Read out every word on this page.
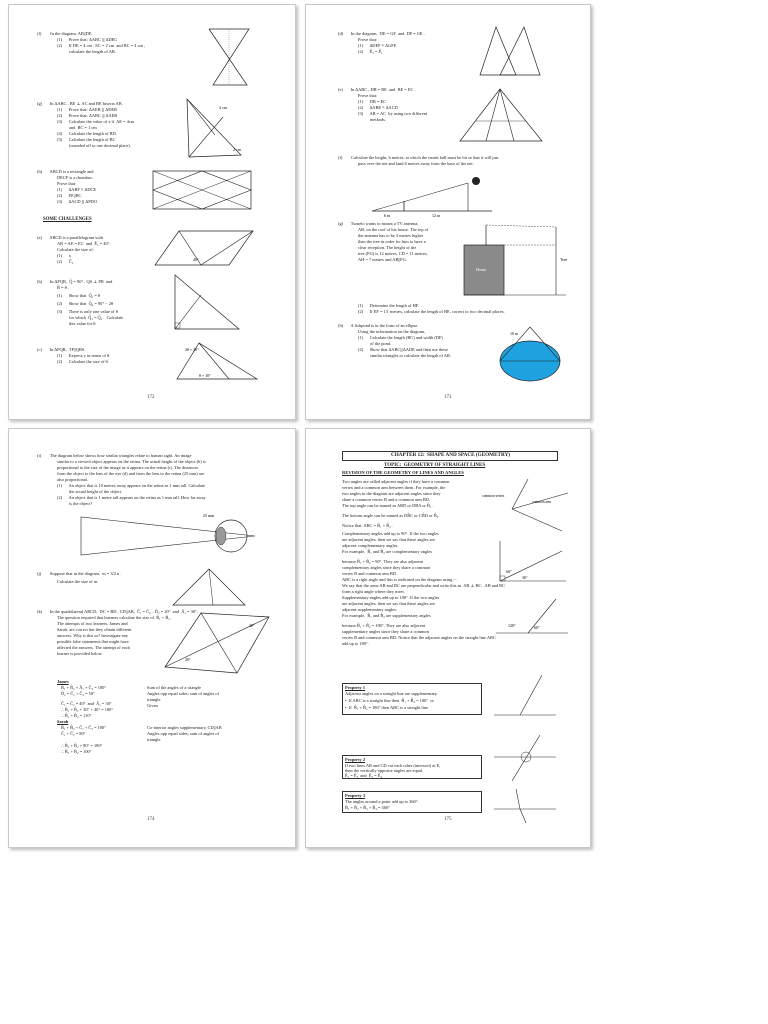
(f)        In the diagram, AB||DE.
(1)      Prove that: ΔABC ||| ΔDEC
(2)      If DE = 4 cm , EC = 2 cm  and BC = 4 cm ,
calculate the length of AB.
(g)       In ΔABC , BE ⊥ AC and BE bisects AB.
(1)      Prove that: ΔAEB ||| ΔDEB
(2)      Prove that: ΔABC ||| ΔAEB
(3)      Calculate the value of x if  AE = 4cm
and  BC = 1 cm
(4)      Calculate the length of BD.
(5)      Calculate the length of BC
(rounded off to one decimal place).
(h)       ABCD is a rectangle and
DECF is a rhombus.
Prove that:
(1)      ΔABF ≡ ΔDCE
(2)      FE||BC
(3)      ΔACD ||| ΔPDO
(a)       ABCD is a parallelogram with
AB = AE = EC  and  Ê₁ = 40°.
Calculate the size of:
(1)      x
(2)      Ĉ₂
(b)       In ΔPQR,  Q̂ = 90° , QS ⊥ PR  and
R̂ = θ .
(1)      Show that  Q̂₁ = θ
(2)      Show that  Q̂₂ = 90° − 2θ
(3)      There is only one value of θ
for which  Q̂₁ = Q̂₂ .  Calculate
this value for θ.
(c)       In ΔPQR,  TP||QRS.
(1)      Express y in terms of θ.
(2)      Calculate the size of θ.
SOME CHALLENGES
4 cm
2 cm
40°
2θ + 40°
θ + 10°
172
(d)       In the diagram,  DE = GF  and  DF = GE .
Prove that:
(1)      ΔDEF ≡ ΔGFE
(2)      Ê₁ = F̂₁
(e)       In ΔABC , DB = BE  and  BE = EC .
Prove that:
(1)      DB = EC
(2)      ΔABE ≡ ΔACD
(3)      AB = AC  by using two different
methods.
(f)        Calculate the height, h metres, at which the tennis ball must be hit so that it will just
pass over the net and land 6 metres away from the base of the net.
(g)       Tsonelo wants to mount a TV antenna,
AB, on the roof of his house. The top of
the antenna has to be 3 metres higher
than the tree in order for him to have a
clear reception. The height of the
tree (FG) is 12 metres, CD = 11 metres,
AH = 7 metres and AB||FG.
(1)      Determine the length of HF.
(2)      If EF = 13  metres, calculate the length of HE, correct to two decimal places.
(h)       A fishpond is in the form of an ellipse.
Using the information on the diagram,
(1)      Calculate the length (BC) and width (DF)
of the pond.
(2)      Show that ΔABC|||ΔADE and then use these
similar triangles to calculate the length of AB.
6 m	12 m
House
Tree
10 m
173
(i)        The diagram below shows how similar triangles relate to human sight. An image
similar to a viewed object appears on the retina. The actual height of the object (h) is
proportional to the size of the image as it appears on the retina (r). The distances
from the object to the lens of the eye (d) and from the lens to the retina (25 mm) are
also proportional.
(1)      An object that is 10 metres away appears on the retina as 1 mm tall. Calculate
the actual height of the object.
(2)      An object that is 1 metre tall appears on the retina as 1 mm tall. How far away
is the object?
(j)        Suppose that in the diagram,  m = 3/2 n .
Calculate the size of m.
(k)       In the quadrilateral ABCD,  DC = BD , CD||AB,  Ĉ₁ = Ĉ₂ ,  D̂₂ = 20°  and  Â₁ = 30°.
The question required that learners calculate the size of  B̂₁ + B̂₂ .
The attempts of two learners, James and
Sarah, are correct but they obtain different
answers. Why is this so? Investigate any
possible false statements that might have
affected the answers. The attempt of each
learner is provided below.
B̂₁ + B̂₂ + Â₁ + Ĉ₂ = 180°
D̂₂ = Ĉ₁ + Ĉ₂ = 50°
Ĉ₁ = Ĉ₂ = 40°  and  Â₁ = 30°
∴ B̂₁ + B̂₂ + 30° + 40° = 180°
∴ B̂₁ + B̂₂ = 110°
B̂₁ + B̂₂ + Ĉ₁ + Ĉ₂ = 180°
Ĉ₁ + Ĉ₂ = 80°
∴ B̂₁ + B̂₂ + 80° = 180°
∴ B̂₁ + B̂₂ = 100°
Sum of the angles of a triangle
Angles opp equal sides; sum of angles of
triangle
Given
Co-interior angles supplementary, CD||AB
Angles opp equal sides; sum of angles of
triangle
25 mm
20°
30°
James
Sarah
174
CHAPTER 12:  SHAPE AND SPACE (GEOMETRY)
TOPIC:  GEOMETRY OF STRAIGHT LINES
REVISION OF THE GEOMETRY OF LINES AND ANGLES
Two angles are called adjacent angles if they have a common
vertex and a common arm between them. For example, the
two angles in the diagram are adjacent angles since they
share a common vertex B and a common arm BD.
The top angle can be named as ABD or DBA or B̂₁ .
The bottom angle can be named as DB̂C or CB̂D or B̂₂ .
Notice that: ABC = B̂₁ + B̂₂ .
Complementary angles add up to 90°. If the two angles
are adjacent angles, then we say that these angles are
adjacent complementary angles.
For example,  B̂₁ and B̂₂ are complementary angles
because B̂₁ + B̂₂ = 90°. They are also adjacent
complementary angles since they share a common
vertex B and common arm BD.
ABC is a right angle and this is indicated on the diagram using ⌐.
We say that the arms AB and BC are perpendicular and write this as  AB ⊥ BC . AB and BC
form a right angle where they meet.
Supplementary angles add up to 180°. If the two angles
are adjacent angles, then we say that these angles are
adjacent supplementary angles.
For example,  B̂₁ and B̂₂ are supplementary angles
because B̂₁ + B̂₂ = 180°. They are also adjacent
supplementary angles since they share a common
vertex B and common arm BD. Notice that the adjacent angles on the straight line ABC
add up to 180°.
common vertex
common arm
60°
30°
120°	60°
Property 1
Adjacent angles on a straight line are supplementary.
•  If ABC is a straight line then  B̂₁ + B̂₂ = 180°  or
•  If  B̂₁ + B̂₂ = 180° then ABC is a straight line
Property 2
If two lines AB and CD cut each other (intersect) at E,
then the vertically opposite angles are equal.
Ê₁ = Ê₃  and  Ê₂ = Ê₄
Property 3
The angles around a point add up to 360°.
B̂₁ + B̂₂ + B̂₃ + B̂₄ = 360°
175
